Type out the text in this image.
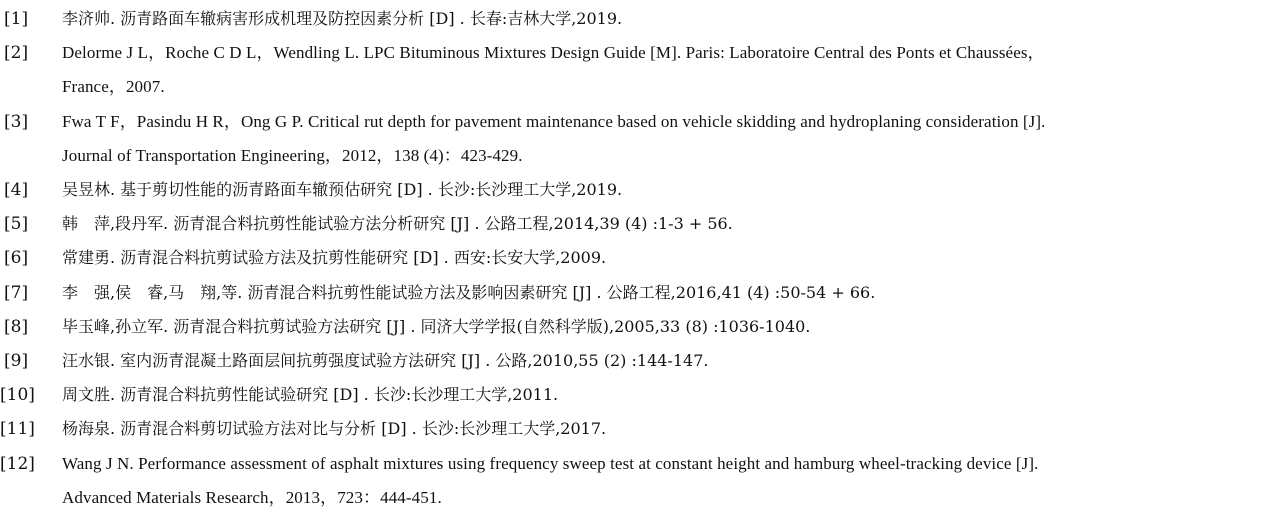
[1]	李济帅. 沥青路面车辙病害形成机理及防控因素分析 [D] . 长春:吉林大学,2019.
[2]	Delorme J L，Roche C D L，Wendling L. LPC Bituminous Mixtures Design Guide [M]. Paris: Laboratoire Central des Ponts et Chaussées，
France，2007.
[3]	Fwa T F，Pasindu H R，Ong G P. Critical rut depth for pavement maintenance based on vehicle skidding and hydroplaning consideration [J].
Journal of Transportation Engineering，2012，138 (4)：423-429.
[4]	吴昱林. 基于剪切性能的沥青路面车辙预估研究 [D] . 长沙:长沙理工大学,2019.
[5]	韩　萍,段丹军. 沥青混合料抗剪性能试验方法分析研究 [J] . 公路工程,2014,39 (4) :1-3 + 56.
[6]	常建勇. 沥青混合料抗剪试验方法及抗剪性能研究 [D] . 西安:长安大学,2009.
[7]	李　强,侯　睿,马　翔,等. 沥青混合料抗剪性能试验方法及影响因素研究 [J] . 公路工程,2016,41 (4) :50-54 + 66.
[8]	毕玉峰,孙立军. 沥青混合料抗剪试验方法研究 [J] . 同济大学学报(自然科学版),2005,33 (8) :1036-1040.
[9]	汪水银. 室内沥青混凝土路面层间抗剪强度试验方法研究 [J] . 公路,2010,55 (2) :144-147.
[10]	周文胜. 沥青混合料抗剪性能试验研究 [D] . 长沙:长沙理工大学,2011.
[11]	杨海泉. 沥青混合料剪切试验方法对比与分析 [D] . 长沙:长沙理工大学,2017.
[12]	Wang J N. Performance assessment of asphalt mixtures using frequency sweep test at constant height and hamburg wheel-tracking device [J].
Advanced Materials Research，2013，723：444-451.
